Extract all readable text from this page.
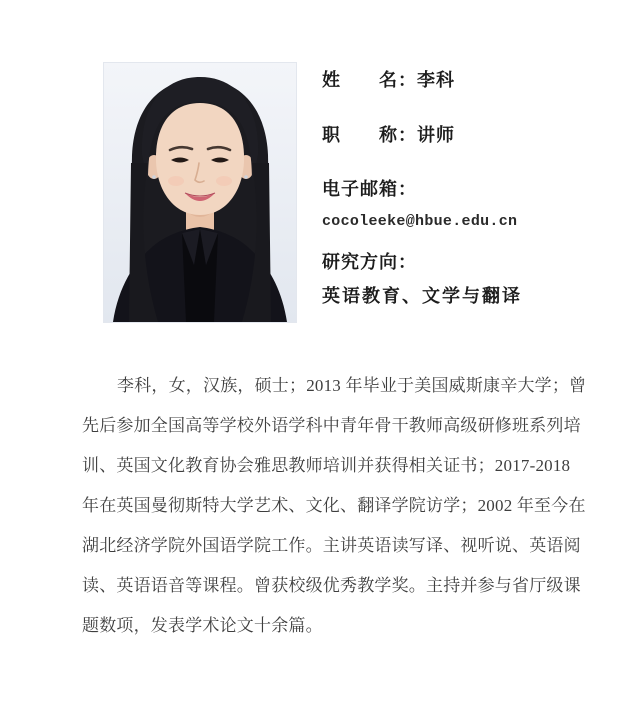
姓　　名：李科
职　　称：讲师
电子邮箱：
cocoleeke@hbue.edu.cn
研究方向：
英语教育、文学与翻译
李科，女，汉族，硕士；2013 年毕业于美国威斯康辛大学；曾
先后参加全国高等学校外语学科中青年骨干教师高级研修班系列培
训、英国文化教育协会雅思教师培训并获得相关证书；2017-2018
年在英国曼彻斯特大学艺术、文化、翻译学院访学；2002 年至今在
湖北经济学院外国语学院工作。主讲英语读写译、视听说、英语阅
读、英语语音等课程。曾获校级优秀教学奖。主持并参与省厅级课
题数项，发表学术论文十余篇。
